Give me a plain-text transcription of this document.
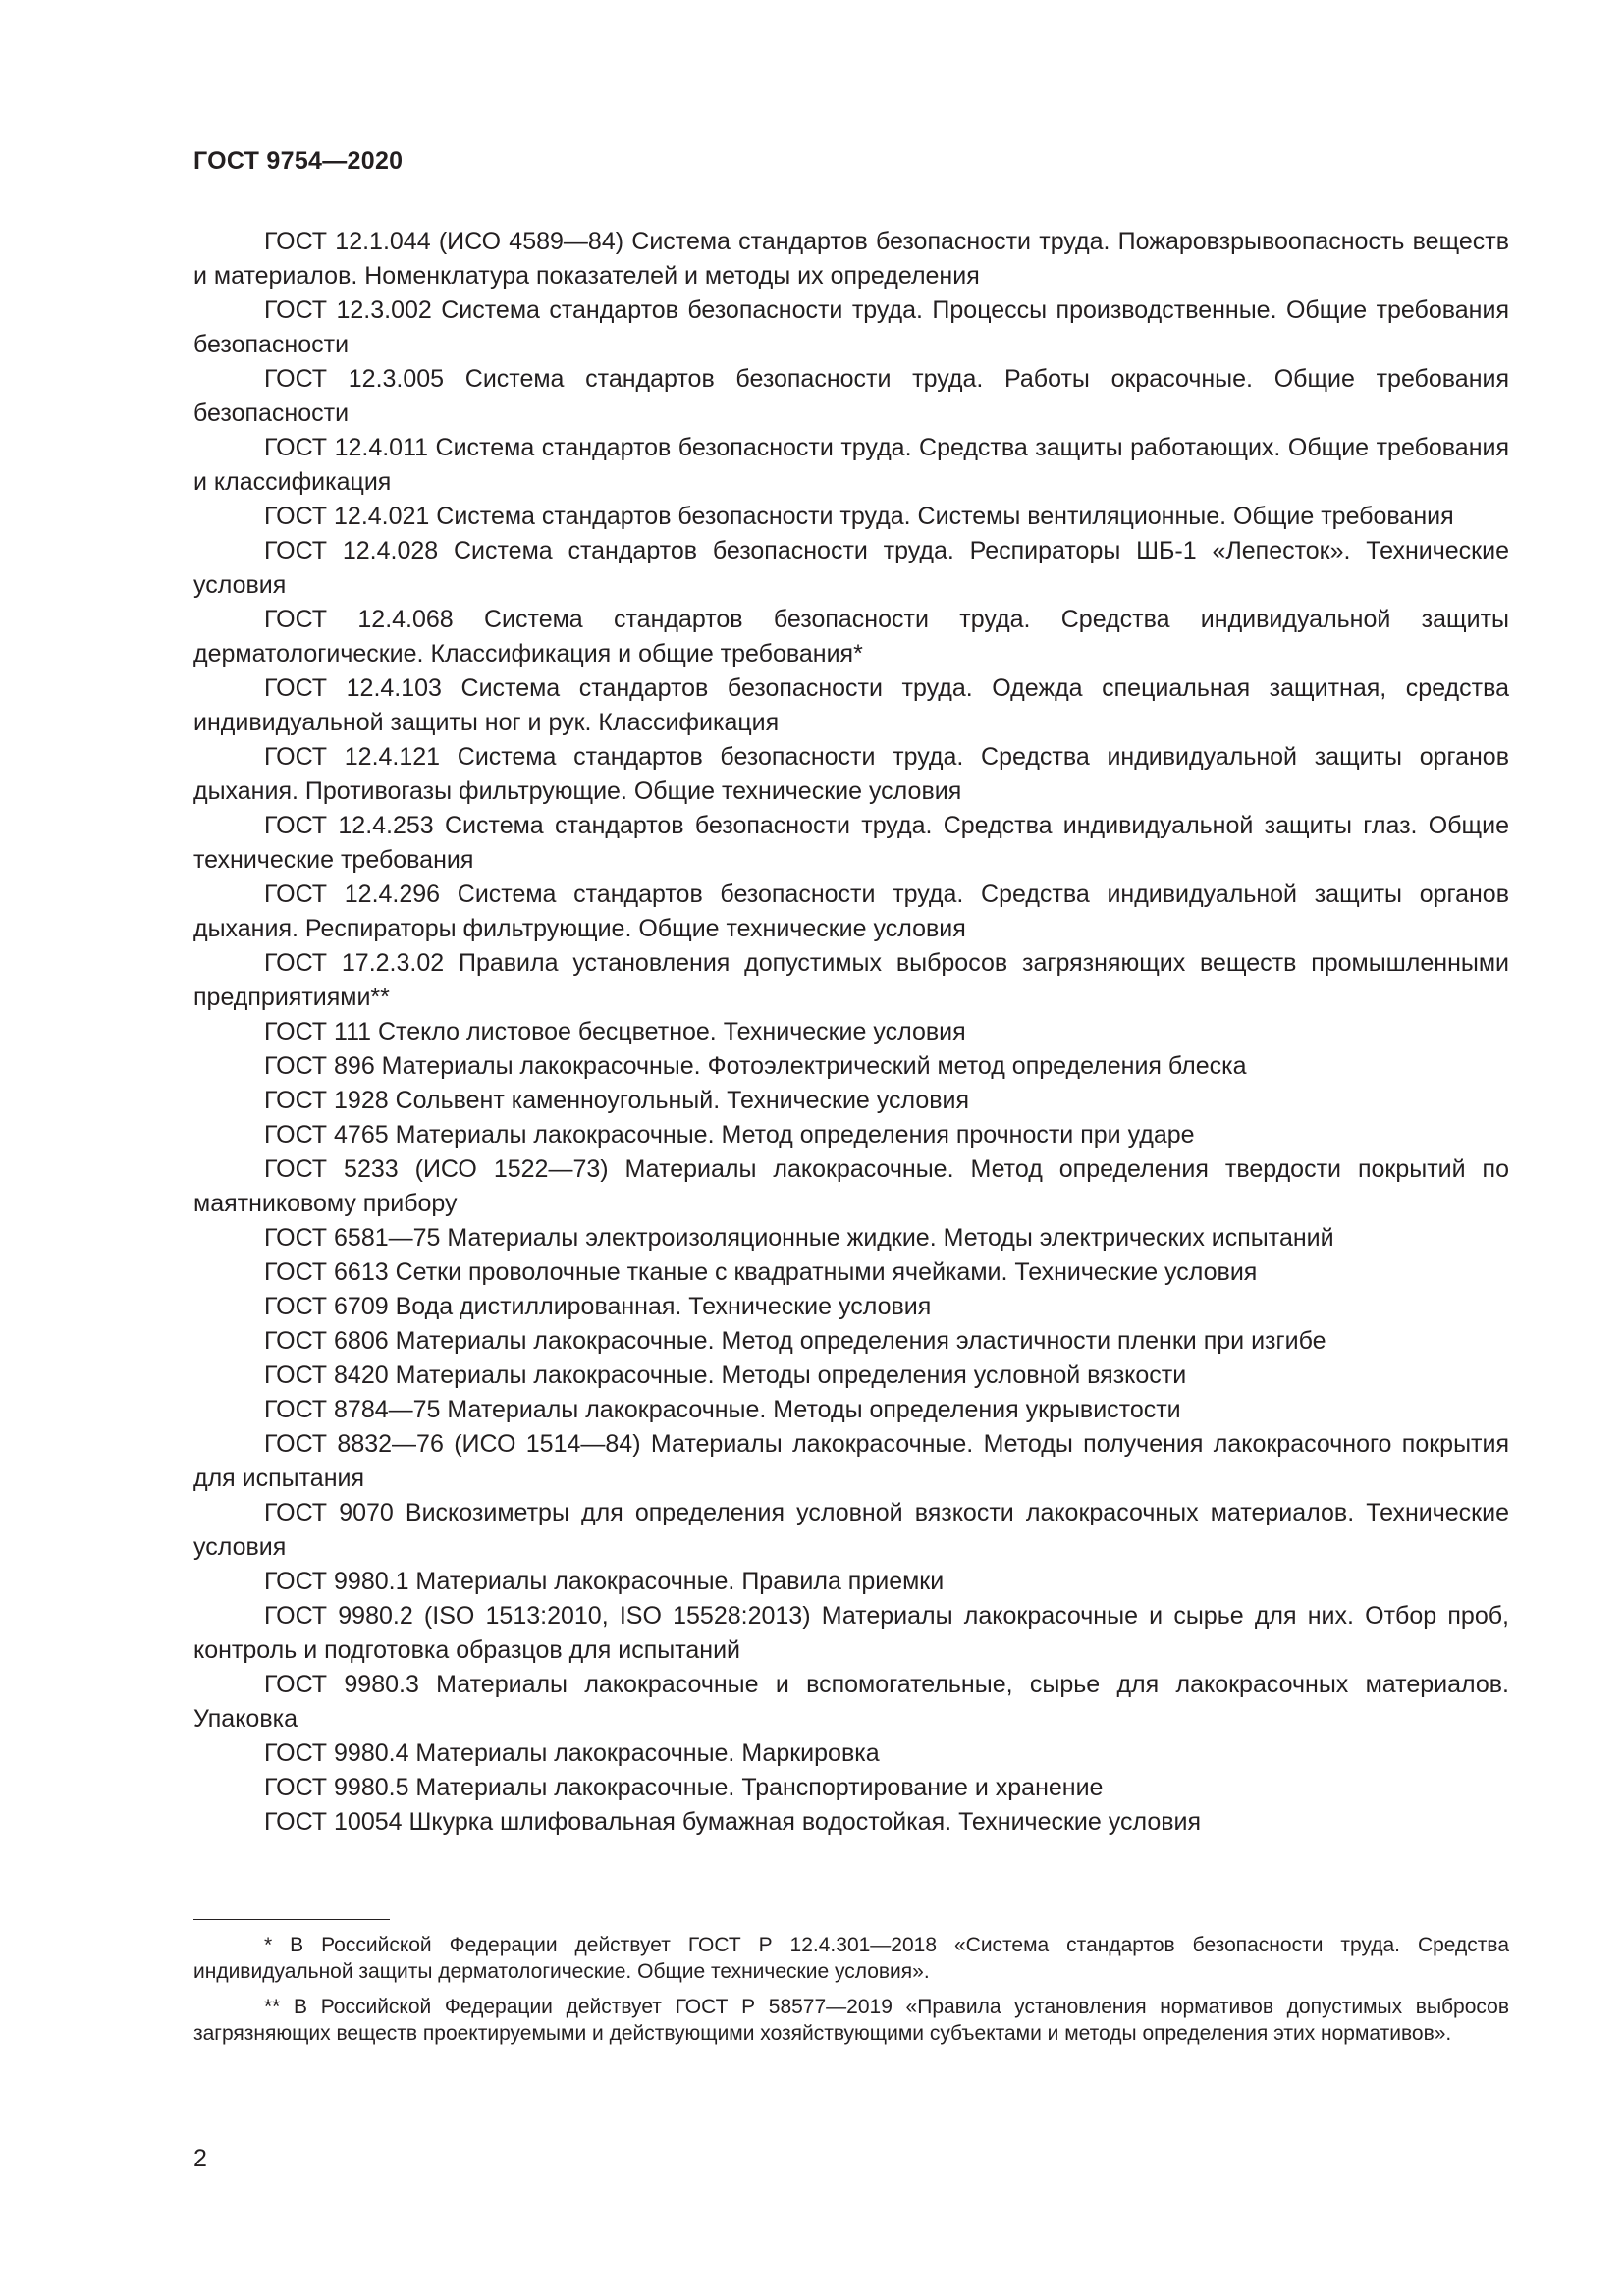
ГОСТ 9754—2020
ГОСТ 12.1.044 (ИСО 4589—84) Система стандартов безопасности труда. Пожаровзрывоопасность веществ и материалов. Номенклатура показателей и методы их определения
ГОСТ 12.3.002 Система стандартов безопасности труда. Процессы производственные. Общие требования безопасности
ГОСТ 12.3.005 Система стандартов безопасности труда. Работы окрасочные. Общие требования безопасности
ГОСТ 12.4.011 Система стандартов безопасности труда. Средства защиты работающих. Общие требования и классификация
ГОСТ 12.4.021 Система стандартов безопасности труда. Системы вентиляционные. Общие требования
ГОСТ 12.4.028 Система стандартов безопасности труда. Респираторы ШБ-1 «Лепесток». Технические условия
ГОСТ 12.4.068 Система стандартов безопасности труда. Средства индивидуальной защиты дерматологические. Классификация и общие требования*
ГОСТ 12.4.103 Система стандартов безопасности труда. Одежда специальная защитная, средства индивидуальной защиты ног и рук. Классификация
ГОСТ 12.4.121 Система стандартов безопасности труда. Средства индивидуальной защиты органов дыхания. Противогазы фильтрующие. Общие технические условия
ГОСТ 12.4.253 Система стандартов безопасности труда. Средства индивидуальной защиты глаз. Общие технические требования
ГОСТ 12.4.296 Система стандартов безопасности труда. Средства индивидуальной защиты органов дыхания. Респираторы фильтрующие. Общие технические условия
ГОСТ 17.2.3.02 Правила установления допустимых выбросов загрязняющих веществ промышленными предприятиями**
ГОСТ 111 Стекло листовое бесцветное. Технические условия
ГОСТ 896 Материалы лакокрасочные. Фотоэлектрический метод определения блеска
ГОСТ 1928 Сольвент каменноугольный. Технические условия
ГОСТ 4765 Материалы лакокрасочные. Метод определения прочности при ударе
ГОСТ 5233 (ИСО 1522—73) Материалы лакокрасочные. Метод определения твердости покрытий по маятниковому прибору
ГОСТ 6581—75 Материалы электроизоляционные жидкие. Методы электрических испытаний
ГОСТ 6613 Сетки проволочные тканые с квадратными ячейками. Технические условия
ГОСТ 6709 Вода дистиллированная. Технические условия
ГОСТ 6806 Материалы лакокрасочные. Метод определения эластичности пленки при изгибе
ГОСТ 8420 Материалы лакокрасочные. Методы определения условной вязкости
ГОСТ 8784—75 Материалы лакокрасочные. Методы определения укрывистости
ГОСТ 8832—76 (ИСО 1514—84) Материалы лакокрасочные. Методы получения лакокрасочного покрытия для испытания
ГОСТ 9070 Вискозиметры для определения условной вязкости лакокрасочных материалов. Технические условия
ГОСТ 9980.1 Материалы лакокрасочные. Правила приемки
ГОСТ 9980.2 (ISO 1513:2010, ISO 15528:2013) Материалы лакокрасочные и сырье для них. Отбор проб, контроль и подготовка образцов для испытаний
ГОСТ 9980.3 Материалы лакокрасочные и вспомогательные, сырье для лакокрасочных материалов. Упаковка
ГОСТ 9980.4 Материалы лакокрасочные. Маркировка
ГОСТ 9980.5 Материалы лакокрасочные. Транспортирование и хранение
ГОСТ 10054 Шкурка шлифовальная бумажная водостойкая. Технические условия

* В Российской Федерации действует ГОСТ Р 12.4.301—2018 «Система стандартов безопасности труда. Средства индивидуальной защиты дерматологические. Общие технические условия».

** В Российской Федерации действует ГОСТ Р 58577—2019 «Правила установления нормативов допустимых выбросов загрязняющих веществ проектируемыми и действующими хозяйствующими субъектами и методы определения этих нормативов».

2
